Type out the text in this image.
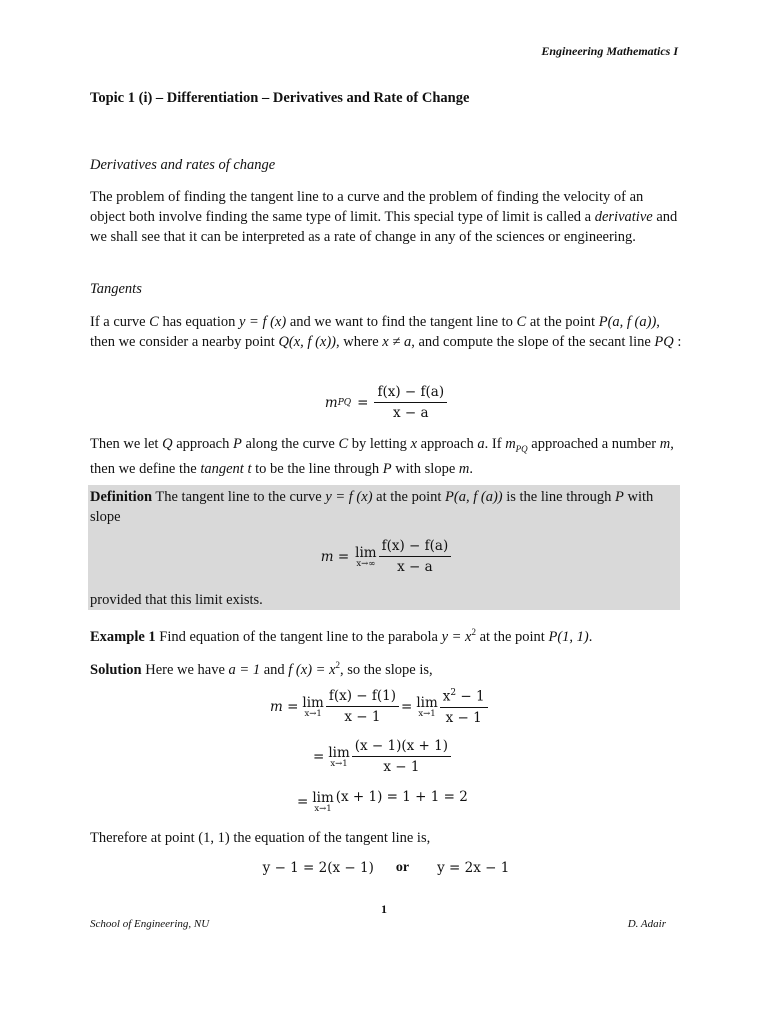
Engineering Mathematics I
Topic 1 (i) – Differentiation – Derivatives and Rate of Change
Derivatives and rates of change
The problem of finding the tangent line to a curve and the problem of finding the velocity of an object both involve finding the same type of limit. This special type of limit is called a derivative and we shall see that it can be interpreted as a rate of change in any of the sciences or engineering.
Tangents
If a curve C has equation y = f (x) and we want to find the tangent line to C at the point P(a, f (a)), then we consider a nearby point Q(x, f (x)), where x ≠ a, and compute the slope of the secant line PQ :
m PQ = $\frac{f(x) - f(a)}{x - a}$
Then we let Q approach P along the curve C by letting x approach a. If $m_{PQ}$ approached a number m, then we define the tangent t to be the line through P with slope m.
Definition The tangent line to the curve y = f (x) at the point P(a, f (a)) is the line through P with slope
m = lim
$x\to\infty \frac{f(x) - f(a)}{x - a}$
provided that this limit exists.
Example 1 Find equation of the tangent line to the parabola $y = x^2$ at the point P(1, 1).
Solution Here we have a = 1 and f $(x) = x^2$, so the slope is,
m = lim
$x\to 1 \frac{f(x) - f(1)}{x - 1} = \lim$
$x\to 1 \frac{x^2 - 1}{x - 1}$
= lim
$x\to 1 \frac{(x - 1)(x + 1)}{x - 1}$
= lim
x→1
(x + 1) = 1 + 1 = 2
Therefore at point (1, 1) the equation of the tangent line is,
y − 1 = 2(x − 1) or y = 2x − 1
1
School of Engineering, NU	D. Adair
